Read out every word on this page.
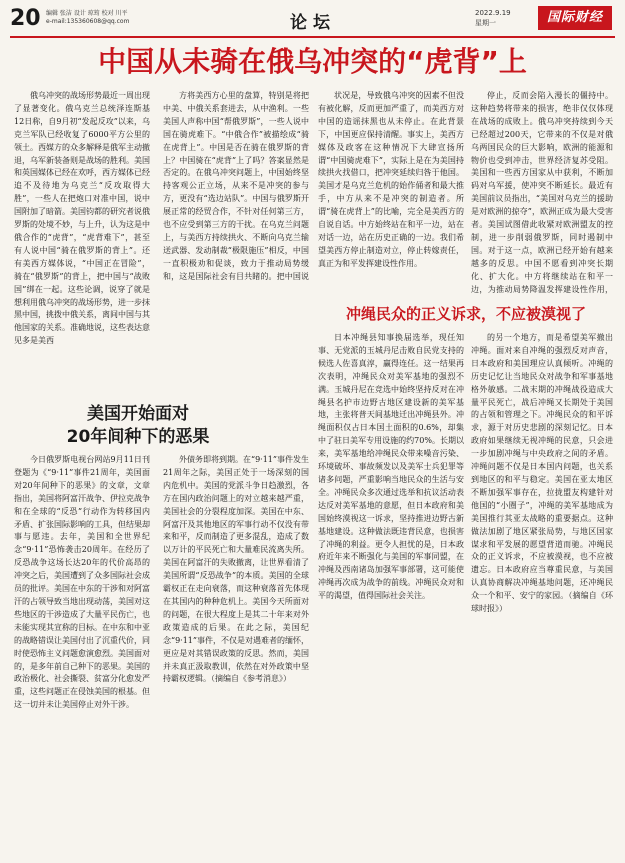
20 编辑 张洁 设计 琼筠 校对 川平
e-mail:135360608@qq.com	论坛	2022.9.19
星期一	国际财经
中国从未骑在俄乌冲突的“虎背”上

俄乌冲突的战场形势最近一周出现了显著变化。俄乌克兰总统泽连斯基12日称，自9月初“发起反攻”以来，乌克兰军队已经收复了6000平方公里的领土。西媒方的众多解释是俄军主动撤退，乌军新装备则是战场的胜利。美国和英国媒体已经在欢呼，西方媒体已经追不及待地为乌克兰“反攻取得大胜”，一些人在把炮口对准中国，说中国附加了暗箭。美国钧都的研究者说俄罗斯的处境不妙，与上升，认为这是中俄合作的“虎背”，“虎背难下”，甚至有人说中国“骑在俄罗斯的背上”。还有美西方媒体说，“中国正在冒险”，骑在“俄罗斯”的背上，把中国与“战败国”绑在一起。这些论调，说穿了就是想利用俄乌冲突的战场形势，进一步抹黑中国，挑拨中俄关系，离间中国与其他国家的关系。准确地说，这些表达意见多是美西

方将美西方心里的盘算，特别是将把中美、中俄关系套进去，从中渔利。一些美国人声称中国“帮俄罗斯”，一些人说中国在骑虎难下。“中俄合作”被描绘成“骑在虎背上”。中国是否在骑在俄罗斯的背上？中国骑在“虎背”上了吗？答案显然是否定的。在俄乌冲突问题上，中国始终坚持客观公正立场，从来不是冲突的参与方，更没有“选边站队”。中国与俄罗斯开展正常的经贸合作，不针对任何第三方，也不应受到第三方的干扰。在乌克兰问题上，与美西方持续拱火、不断向乌克兰输送武器、发动制裁“极限施压”相反，中国一直积极劝和促谈，致力于推动局势缓和，这是国际社会有目共睹的。把中国说

状况是，导致俄乌冲突的因素不但没有被化解，反而更加严重了，而美西方对中国的造谣抹黑也从未停止。在此背景下，中国更应保持清醒。事实上，美西方媒体及政客在这种情况下大肆宣扬所谓“中国骑虎难下”，实际上是在为美国持续拱火找借口，把冲突延续归咎于他国。美国才是乌克兰危机的始作俑者和最大推手，中方从来不是冲突的制造者。所谓“骑在虎背上”的比喻，完全是美西方的自说自话。中方始终站在和平一边，站在对话一边，站在历史正确的一边。我们希望美西方停止制造对立，停止转嫁责任，真正为和平发挥建设性作用。

停止，反而会陷入漫长的僵持中。这种趋势将带来的损害，绝非仅仅体现在战场的成败上。俄乌冲突持续到今天已经超过200天，它带来的不仅是对俄乌两国民众的巨大影响，欧洲的能源和物价也受到冲击，世界经济复苏受阻。美国和一些西方国家从中获利，不断加码对乌军援，使冲突不断延长。最近有美国前议员指出，“美国对乌克兰的援助是对欧洲的掠夺”，欧洲正成为最大受害者。美国试图借此收紧对欧洲盟友的控制，进一步削弱俄罗斯，同时遏制中国。对于这一点，欧洲已经开始有越来越多的反思。中国不愿看到冲突长期化、扩大化。中方将继续站在和平一边，为推动局势降温发挥建设性作用，

美国开始面对
20年间种下的恶果

今日俄罗斯电视台网站9月11日刊登题为《“9·11”事件21周年，美国面对20年间种下的恶果》的文章，文章指出，美国将阿富汗战争、伊拉克战争和在全球的“反恐”行动作为转移国内矛盾、扩张国际影响的工具，但结果却事与愿违。去年，美国和全世界纪念“9·11”恐怖袭击20周年。在经历了反恐战争这场长达20年的代价高昂的冲突之后，美国遭到了众多国际社会成员的批评。美国在中东的干涉和对阿富汗的占领导致当地出现动荡，美国对这些地区的干涉造成了大量平民伤亡，也未能实现其宣称的目标。在中东和中亚的战略错误让美国付出了沉重代价，同时使恐怖主义问题愈演愈烈。美国面对的，是多年前自己种下的恶果。美国的政治极化、社会撕裂、贫富分化愈发严重，这些问题正在侵蚀美国的根基。但这一切并未让美国停止对外干涉。

外债务即将到期。在“9·11”事件发生21周年之际，美国正处于一场深刻的国内危机中。美国的党派斗争日趋激烈，各方在国内政治问题上的对立越来越严重，美国社会的分裂程度加深。美国在中东、阿富汗及其他地区的军事行动不仅没有带来和平，反而制造了更多混乱，造成了数以万计的平民死亡和大量难民流离失所。美国在阿富汗的失败撤离，让世界看清了美国所谓“反恐战争”的本质。美国的全球霸权正在走向衰落，而这种衰落首先体现在其国内的种种危机上。美国今天所面对的问题，在很大程度上是其二十年来对外政策造成的后果。在此之际，美国纪念“9·11”事件，不仅是对遇难者的缅怀，更应是对其错误政策的反思。然而，美国并未真正汲取教训，依然在对外政策中坚持霸权逻辑。（摘编自《参考消息》）

冲绳民众的正义诉求，不应被漠视了

日本冲绳县知事换届选举，现任知事、无党派的玉城丹尼击败自民党支持的候选人佐喜真淳，赢得连任。这一结果再次表明，冲绳民众对美军基地的强烈不满。玉城丹尼在竞选中始终坚持反对在冲绳县名护市边野古地区建设新的美军基地，主张将普天间基地迁出冲绳县外。冲绳面积仅占日本国土面积的0.6%，却集中了驻日美军专用设施的约70%。长期以来，美军基地给冲绳民众带来噪音污染、环境破坏、事故频发以及美军士兵犯罪等诸多问题，严重影响当地民众的生活与安全。冲绳民众多次通过选举和抗议活动表达反对美军基地的意愿，但日本政府和美国始终漠视这一诉求，坚持推进边野古新基地建设。这种做法既违背民意，也损害了冲绳的利益。更令人担忧的是，日本政府近年来不断强化与美国的军事同盟，在冲绳及西南诸岛加强军事部署，这可能使冲绳再次成为战争的前线。冲绳民众对和平的渴望，值得国际社会关注。

的另一个地方，而是希望美军撤出冲绳。面对来自冲绳的强烈反对声音，日本政府和美国理应认真倾听。冲绳的历史记忆让当地民众对战争和军事基地格外敏感。二战末期的冲绳战役造成大量平民死亡，战后冲绳又长期处于美国的占领和管理之下。冲绳民众的和平诉求，源于对历史悲剧的深刻记忆。日本政府如果继续无视冲绳的民意，只会进一步加剧冲绳与中央政府之间的矛盾。冲绳问题不仅是日本国内问题，也关系到地区的和平与稳定。美国在亚太地区不断加强军事存在，拉拢盟友构建针对他国的“小圈子”，冲绳的美军基地成为美国推行其亚太战略的重要据点。这种做法加剧了地区紧张局势，与地区国家谋求和平发展的愿望背道而驰。冲绳民众的正义诉求，不应被漠视，也不应被遗忘。日本政府应当尊重民意，与美国认真协商解决冲绳基地问题，还冲绳民众一个和平、安宁的家园。（摘编自《环球时报》）
